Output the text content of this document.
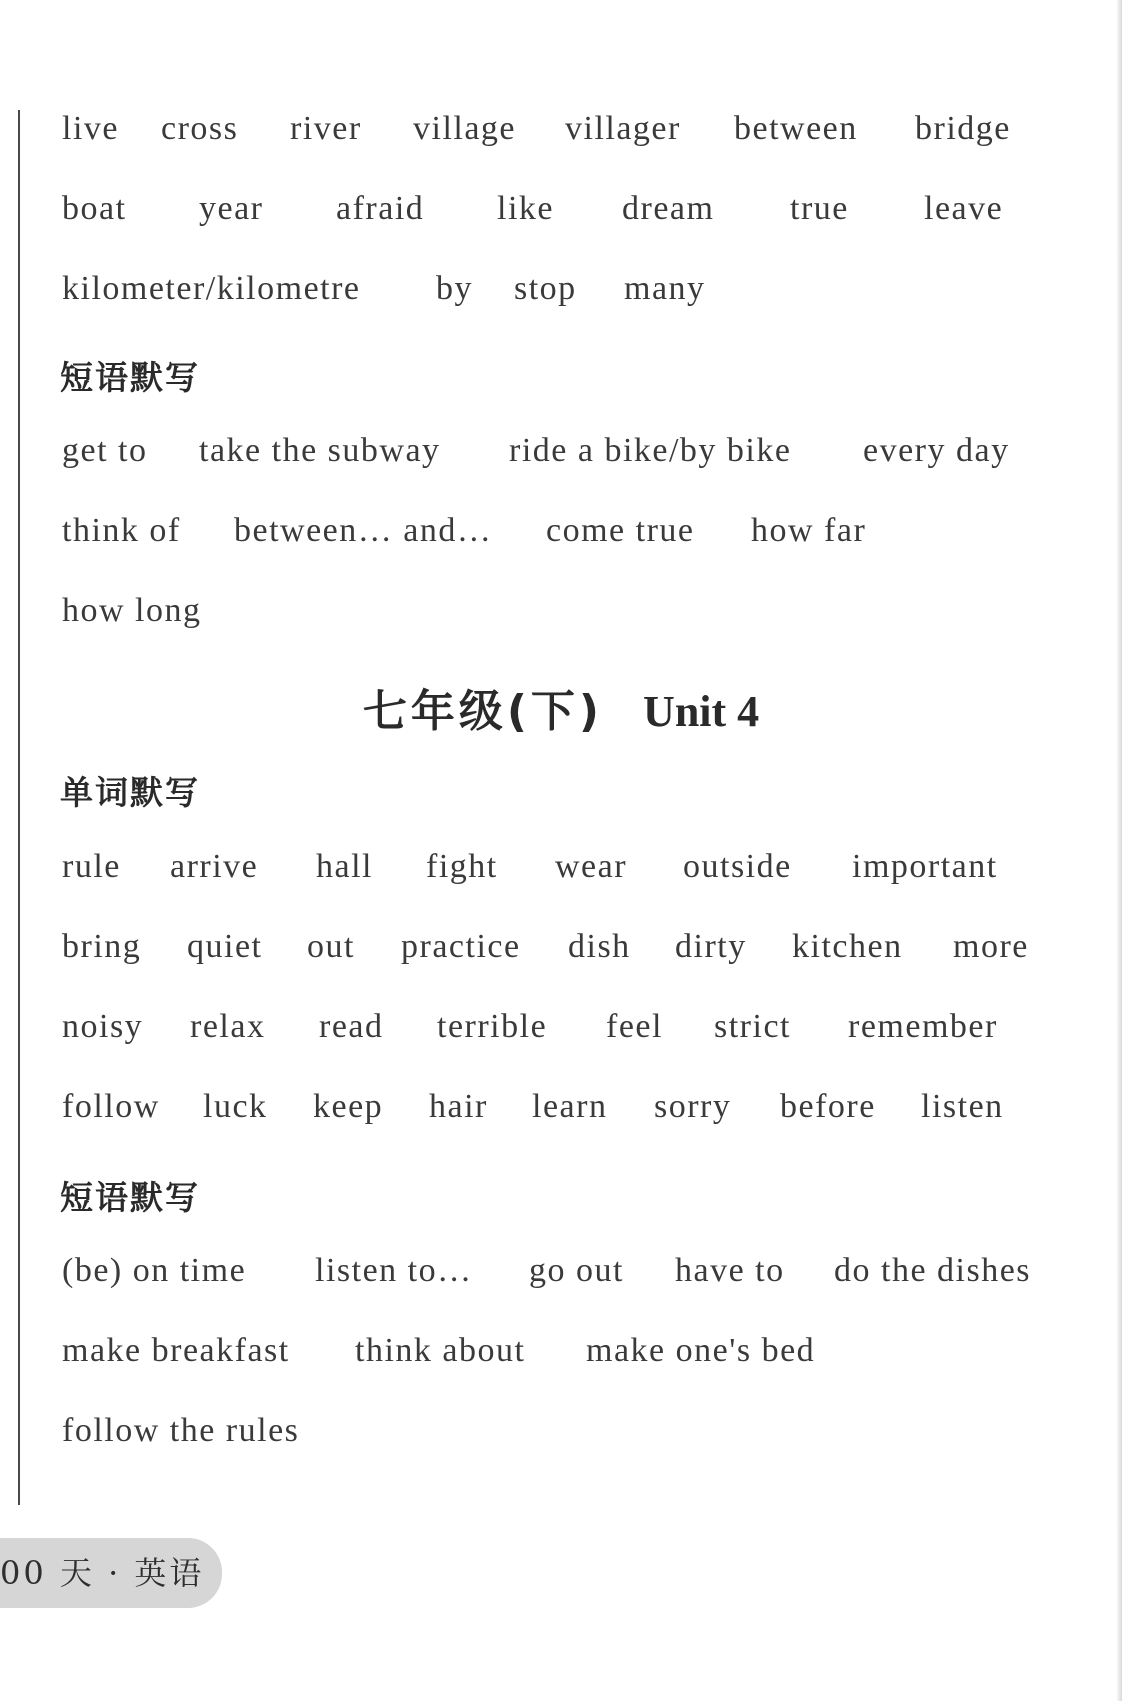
live cross river village villager between bridge
boat year afraid like dream true leave
kilometer/kilometre by stop many
短语默写
get to take the subway ride a bike/by bike every day
think of between… and… come true how far
how long
七年级(下) Unit 4
单词默写
rule arrive hall fight wear outside important
bring quiet out practice dish dirty kitchen more
noisy relax read terrible feel strict remember
follow luck keep hair learn sorry before listen
短语默写
(be) on time listen to… go out have to do the dishes
make breakfast think about make one's bed
follow the rules
00 天 · 英语
